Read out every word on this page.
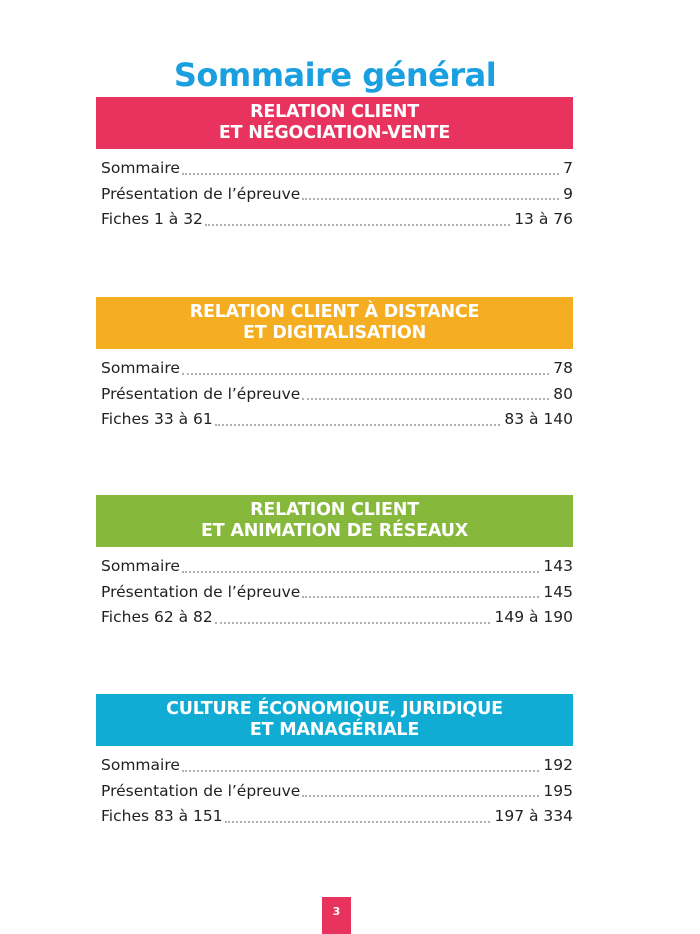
Sommaire général
RELATION CLIENT
ET NÉGOCIATION-VENTE
Sommaire	7
Présentation de l’épreuve	9
Fiches 1 à 32	13 à 76
RELATION CLIENT À DISTANCE
ET DIGITALISATION
Sommaire	78
Présentation de l’épreuve	80
Fiches 33 à 61	83 à 140
RELATION CLIENT
ET ANIMATION DE RÉSEAUX
Sommaire	143
Présentation de l’épreuve	145
Fiches 62 à 82	149 à 190
CULTURE ÉCONOMIQUE, JURIDIQUE
ET MANAGÉRIALE
Sommaire	192
Présentation de l’épreuve	195
Fiches 83 à 151	197 à 334
3
